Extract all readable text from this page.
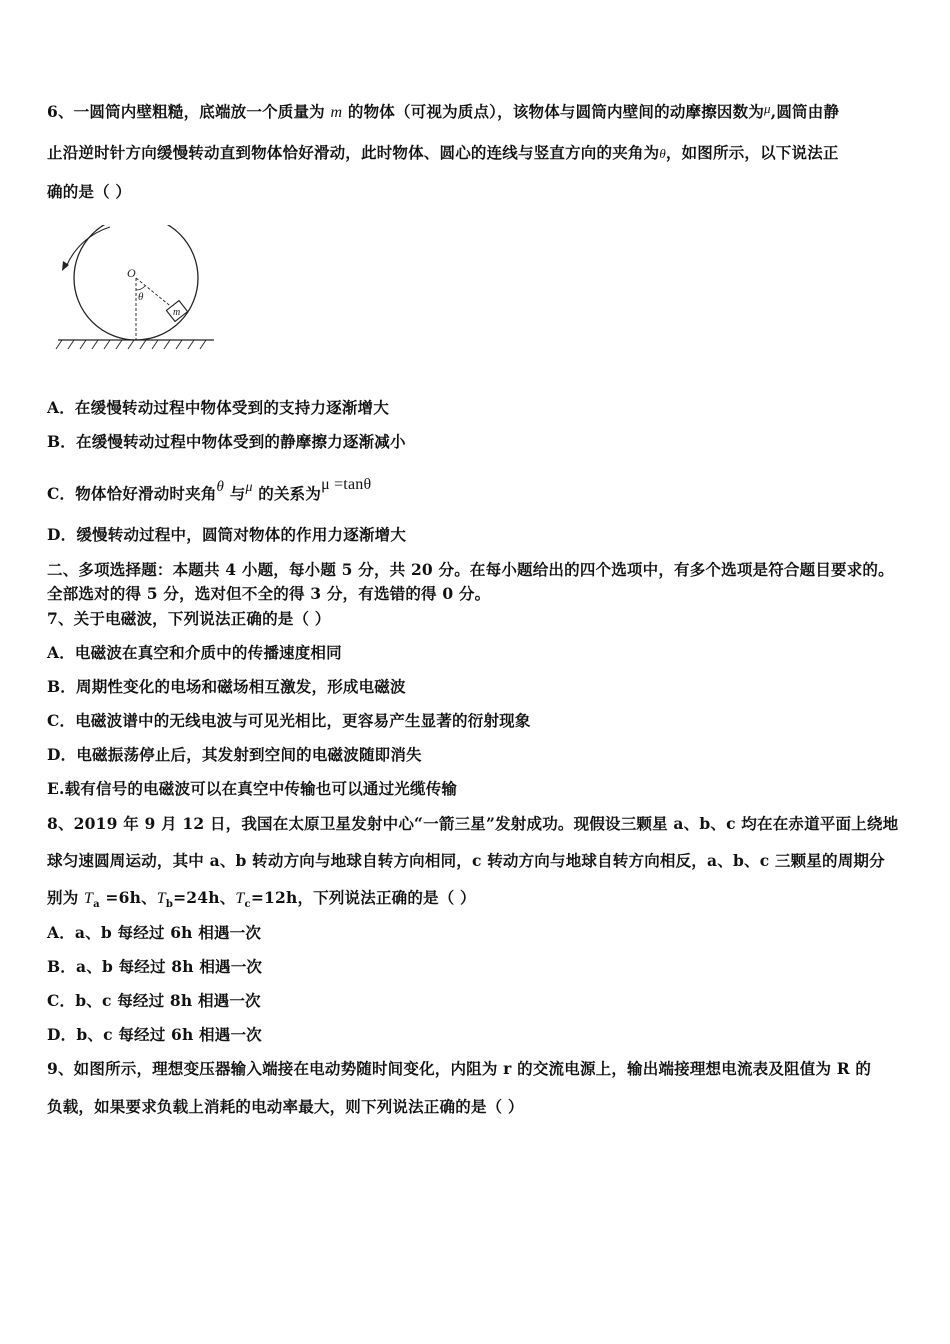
6、一圆筒内壁粗糙，底端放一个质量为 m 的物体（可视为质点），该物体与圆筒内壁间的动摩擦因数为$^\mu$,圆筒由静
止沿逆时针方向缓慢转动直到物体恰好滑动，此时物体、圆心的连线与竖直方向的夹角为θ，如图所示，以下说法正
确的是（ ）
O
θ
m
A．在缓慢转动过程中物体受到的支持力逐渐增大
B．在缓慢转动过程中物体受到的静摩擦力逐渐减小
C．物体恰好滑动时夹角θ 与μ 的关系为μ =tanθ
D．缓慢转动过程中，圆筒对物体的作用力逐渐增大
二、多项选择题：本题共 4 小题，每小题 5 分，共 20 分。在每小题给出的四个选项中，有多个选项是符合题目要求的。
全部选对的得 5 分，选对但不全的得 3 分，有选错的得 0 分。
7、关于电磁波，下列说法正确的是（ ）
A．电磁波在真空和介质中的传播速度相同
B．周期性变化的电场和磁场相互激发，形成电磁波
C．电磁波谱中的无线电波与可见光相比，更容易产生显著的衍射现象
D．电磁振荡停止后，其发射到空间的电磁波随即消失
E.载有信号的电磁波可以在真空中传输也可以通过光缆传输
8、2019 年 9 月 12 日，我国在太原卫星发射中心“一箭三星”发射成功。现假设三颗星 a、b、c 均在在赤道平面上绕地
球匀速圆周运动，其中 a、b 转动方向与地球自转方向相同，c 转动方向与地球自转方向相反，a、b、c 三颗星的周期分
别为 $T_a =6h$、$T_b=24h$、$T_c=12h$，下列说法正确的是（ ）
A．a、b 每经过 6h 相遇一次
B．a、b 每经过 8h 相遇一次
C．b、c 每经过 8h 相遇一次
D．b、c 每经过 6h 相遇一次
9、如图所示，理想变压器输入端接在电动势随时间变化，内阻为 r 的交流电源上，输出端接理想电流表及阻值为 R 的
负载，如果要求负载上消耗的电动率最大，则下列说法正确的是（ ）
